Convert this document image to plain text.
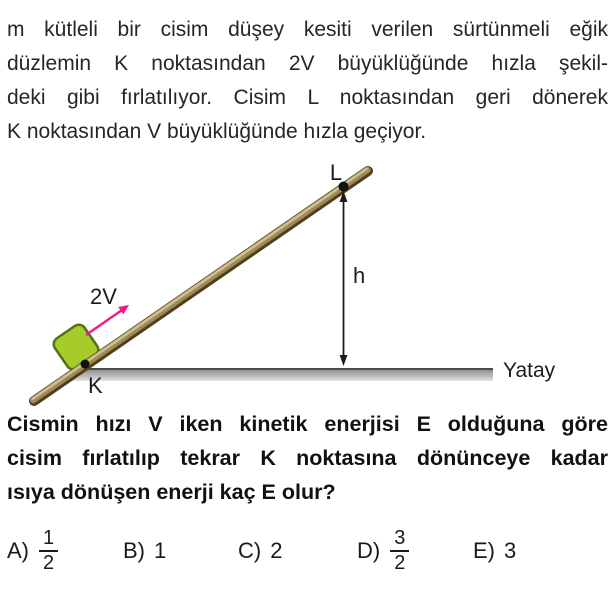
m kütleli bir cisim düşey kesiti verilen sürtünmeli eğik
düzlemin K noktasından 2V büyüklüğünde hızla şekil-
deki gibi fırlatılıyor. Cisim L noktasından geri dönerek
K noktasından V büyüklüğünde hızla geçiyor.
L
K
h
2V
Yatay
Cismin hızı V iken kinetik enerjisi E olduğuna göre
cisim fırlatılıp tekrar K noktasına dönünceye kadar
ısıya dönüşen enerji kaç E olur?
$A) \frac{1}{2}$	B) 1	C) 2	$D) \frac{3}{2}$	E) 3
